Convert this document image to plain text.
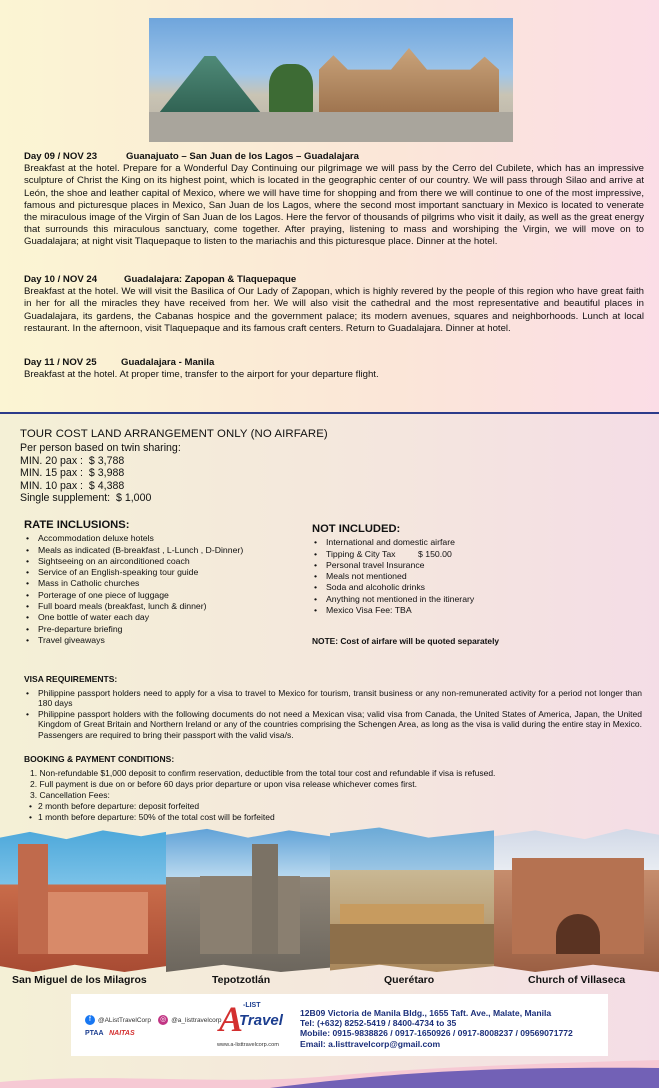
Day 09 / NOV 23	Guanajuato – San Juan de los Lagos – Guadalajara

Breakfast at the hotel. Prepare for a Wonderful Day Continuing our pilgrimage we will pass by the Cerro del Cubilete, which has an impressive sculpture of Christ the King on its highest point, which is located in the geographic center of our country. We will pass through Silao and arrive at León, the shoe and leather capital of Mexico, where we will have time for shopping and from there we will continue to one of the most impressive, famous and picturesque places in Mexico, San Juan de los Lagos, where the second most important sanctuary in Mexico is located to venerate the miraculous image of the Virgin of San Juan de los Lagos. Here the fervor of thousands of pilgrims who visit it daily, as well as the great energy that surrounds this miraculous sanctuary, come together. After praying, listening to mass and worshiping the Virgin, we will move on to Guadalajara; at night visit Tlaquepaque to listen to the mariachis and this picturesque place. Dinner at the hotel.

Day 10 / NOV 24	Guadalajara: Zapopan & Tlaquepaque

Breakfast at the hotel. We will visit the Basilica of Our Lady of Zapopan, which is highly revered by the people of this region who have great faith in her for all the miracles they have received from her. We will also visit the cathedral and the most representative and beautiful places in Guadalajara, its gardens, the Cabanas hospice and the government palace; its modern avenues, squares and neighborhoods. Lunch at local restaurant. In the afternoon, visit Tlaquepaque and its famous craft centers. Return to Guadalajara. Dinner at hotel.

Day 11 / NOV 25	Guadalajara - Manila

Breakfast at the hotel. At proper time, transfer to the airport for your departure flight.

TOUR COST LAND ARRANGEMENT ONLY (NO AIRFARE)
Per person based on twin sharing:
MIN. 20 pax :  $ 3,788
MIN. 15 pax :  $ 3,988
MIN. 10 pax :  $ 4,388
Single supplement:  $ 1,000
RATE INCLUSIONS:
• Accommodation deluxe hotels
• Meals as indicated (B-breakfast , L-Lunch , D-Dinner)
• Sightseeing on an airconditioned coach
• Service of an English-speaking tour guide
• Mass in Catholic churches
• Porterage of one piece of luggage
• Full board meals (breakfast, lunch & dinner)
• One bottle of water each day
• Pre-departure briefing
• Travel giveaways
NOT INCLUDED:
• International and domestic airfare
• Tipping & City Tax	$ 150.00
• Personal travel Insurance
• Meals not mentioned
• Soda and alcoholic drinks
• Anything not mentioned in the itinerary
• Mexico Visa Fee: TBA
NOTE: Cost of airfare will be quoted separately
VISA REQUIREMENTS:
• Philippine passport holders need to apply for a visa to travel to Mexico for tourism, transit business or any non-remunerated activity for a period not longer than 180 days
• Philippine passport holders with the following documents do not need a Mexican visa; valid visa from Canada, the United States of America, Japan, the United Kingdom of Great Britain and Northern Ireland or any of the countries comprising the Schengen Area, as long as the visa is valid during the entire stay in Mexico. Passengers are required to bring their passport with the valid visa/s.
BOOKING & PAYMENT CONDITIONS:
1. Non-refundable $1,000 deposit to confirm reservation, deductible from the total tour cost and refundable if visa is refused.
2. Full payment is due on or before 60 days prior departure or upon visa release whichever comes first.
3. Cancellation Fees:
• 2 month before departure: deposit forfeited
• 1 month before departure: 50% of the total cost will be forfeited
San Miguel de los Milagros	Tepotzotlán	Querétaro	Church of Villaseca
f @AListTravelCorp ◎ @a_listtravelcorp
PTAA NAITAS A -LIST
Travel
www.a-listtravelcorp.com
12B09 Victoria de Manila Bldg., 1655 Taft. Ave., Malate, Manila
Tel: (+632) 8252-5419 / 8400-4734 to 35
Mobile: 0915-9838826 / 0917-1650926 / 0917-8008237 / 09569071772
Email: a.listtravelcorp@gmail.com
